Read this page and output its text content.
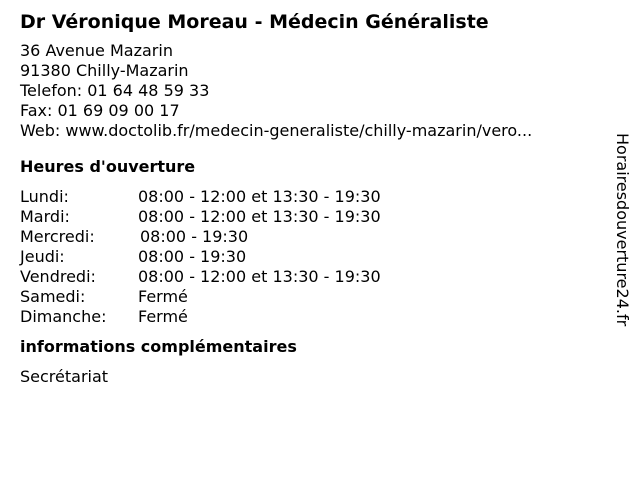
Dr Véronique Moreau - Médecin Généraliste
36 Avenue Mazarin
91380 Chilly-Mazarin
Telefon: 01 64 48 59 33
Fax: 01 69 09 00 17
Web: www.doctolib.fr/medecin-generaliste/chilly-mazarin/vero...
Heures d'ouverture
Lundi:	08:00 - 12:00 et 13:30 - 19:30
Mardi:	08:00 - 12:00 et 13:30 - 19:30
Mercredi:	08:00 - 19:30
Jeudi:	08:00 - 19:30
Vendredi:	08:00 - 12:00 et 13:30 - 19:30
Samedi:	Fermé
Dimanche: Fermé
informations complémentaires
Secrétariat
Horairesdouverture24.fr
